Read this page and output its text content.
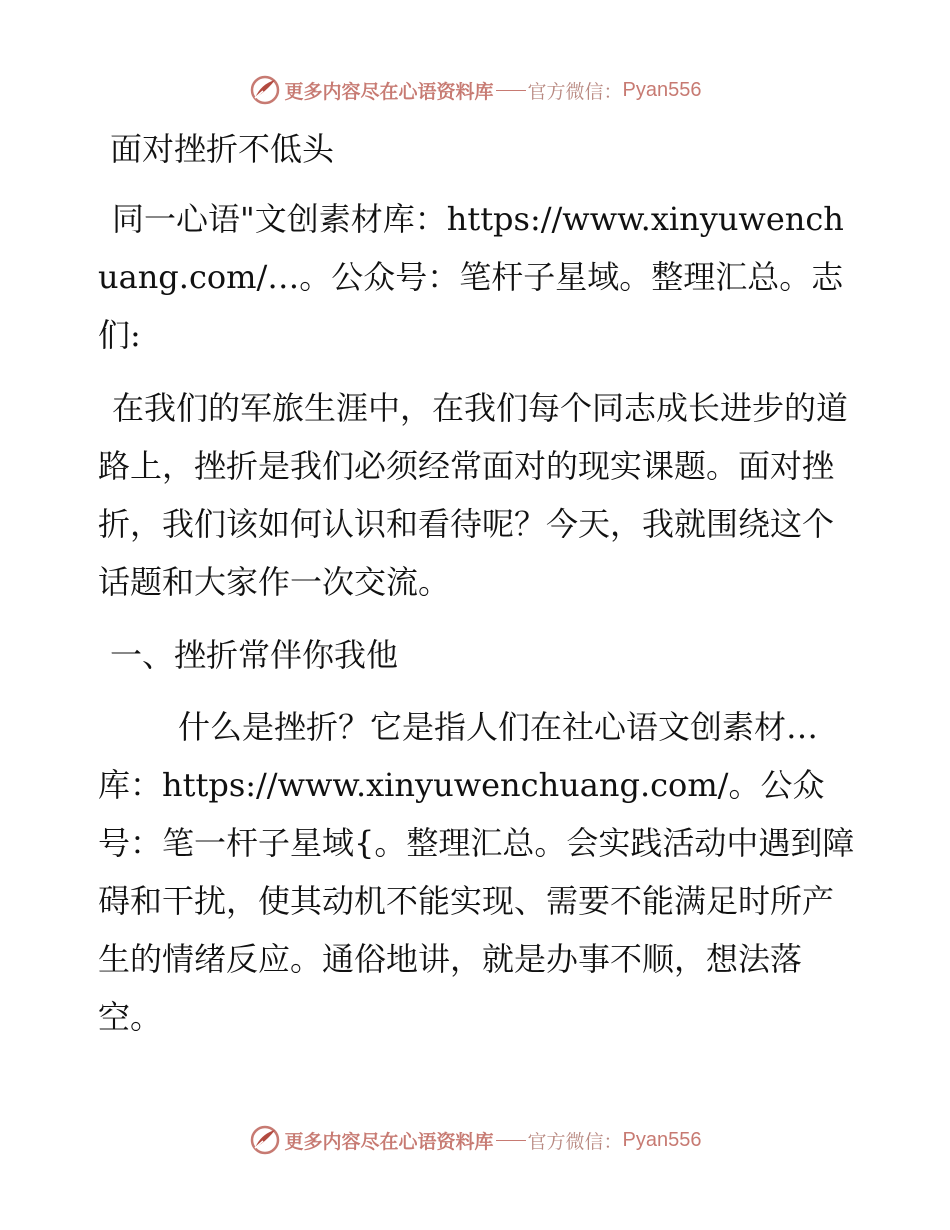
更多内容尽在心语资料库 官方微信： Pyan556

面对挫折不低头

同一心语"文创素材库：https://www.xinyuwenchuang.com/…。公众号：笔杆子星域。整理汇总。志们:

在我们的军旅生涯中，在我们每个同志成长进步的道路上，挫折是我们必须经常面对的现实课题。面对挫折，我们该如何认识和看待呢？今天，我就围绕这个话题和大家作一次交流。

一、挫折常伴你我他

什么是挫折？它是指人们在社心语文创素材…库：https://www.xinyuwenchuang.com/。公众号：笔一杆子星域{。整理汇总。会实践活动中遇到障碍和干扰，使其动机不能实现、需要不能满足时所产生的情绪反应。通俗地讲，就是办事不顺，想法落空。

更多内容尽在心语资料库 官方微信： Pyan556
